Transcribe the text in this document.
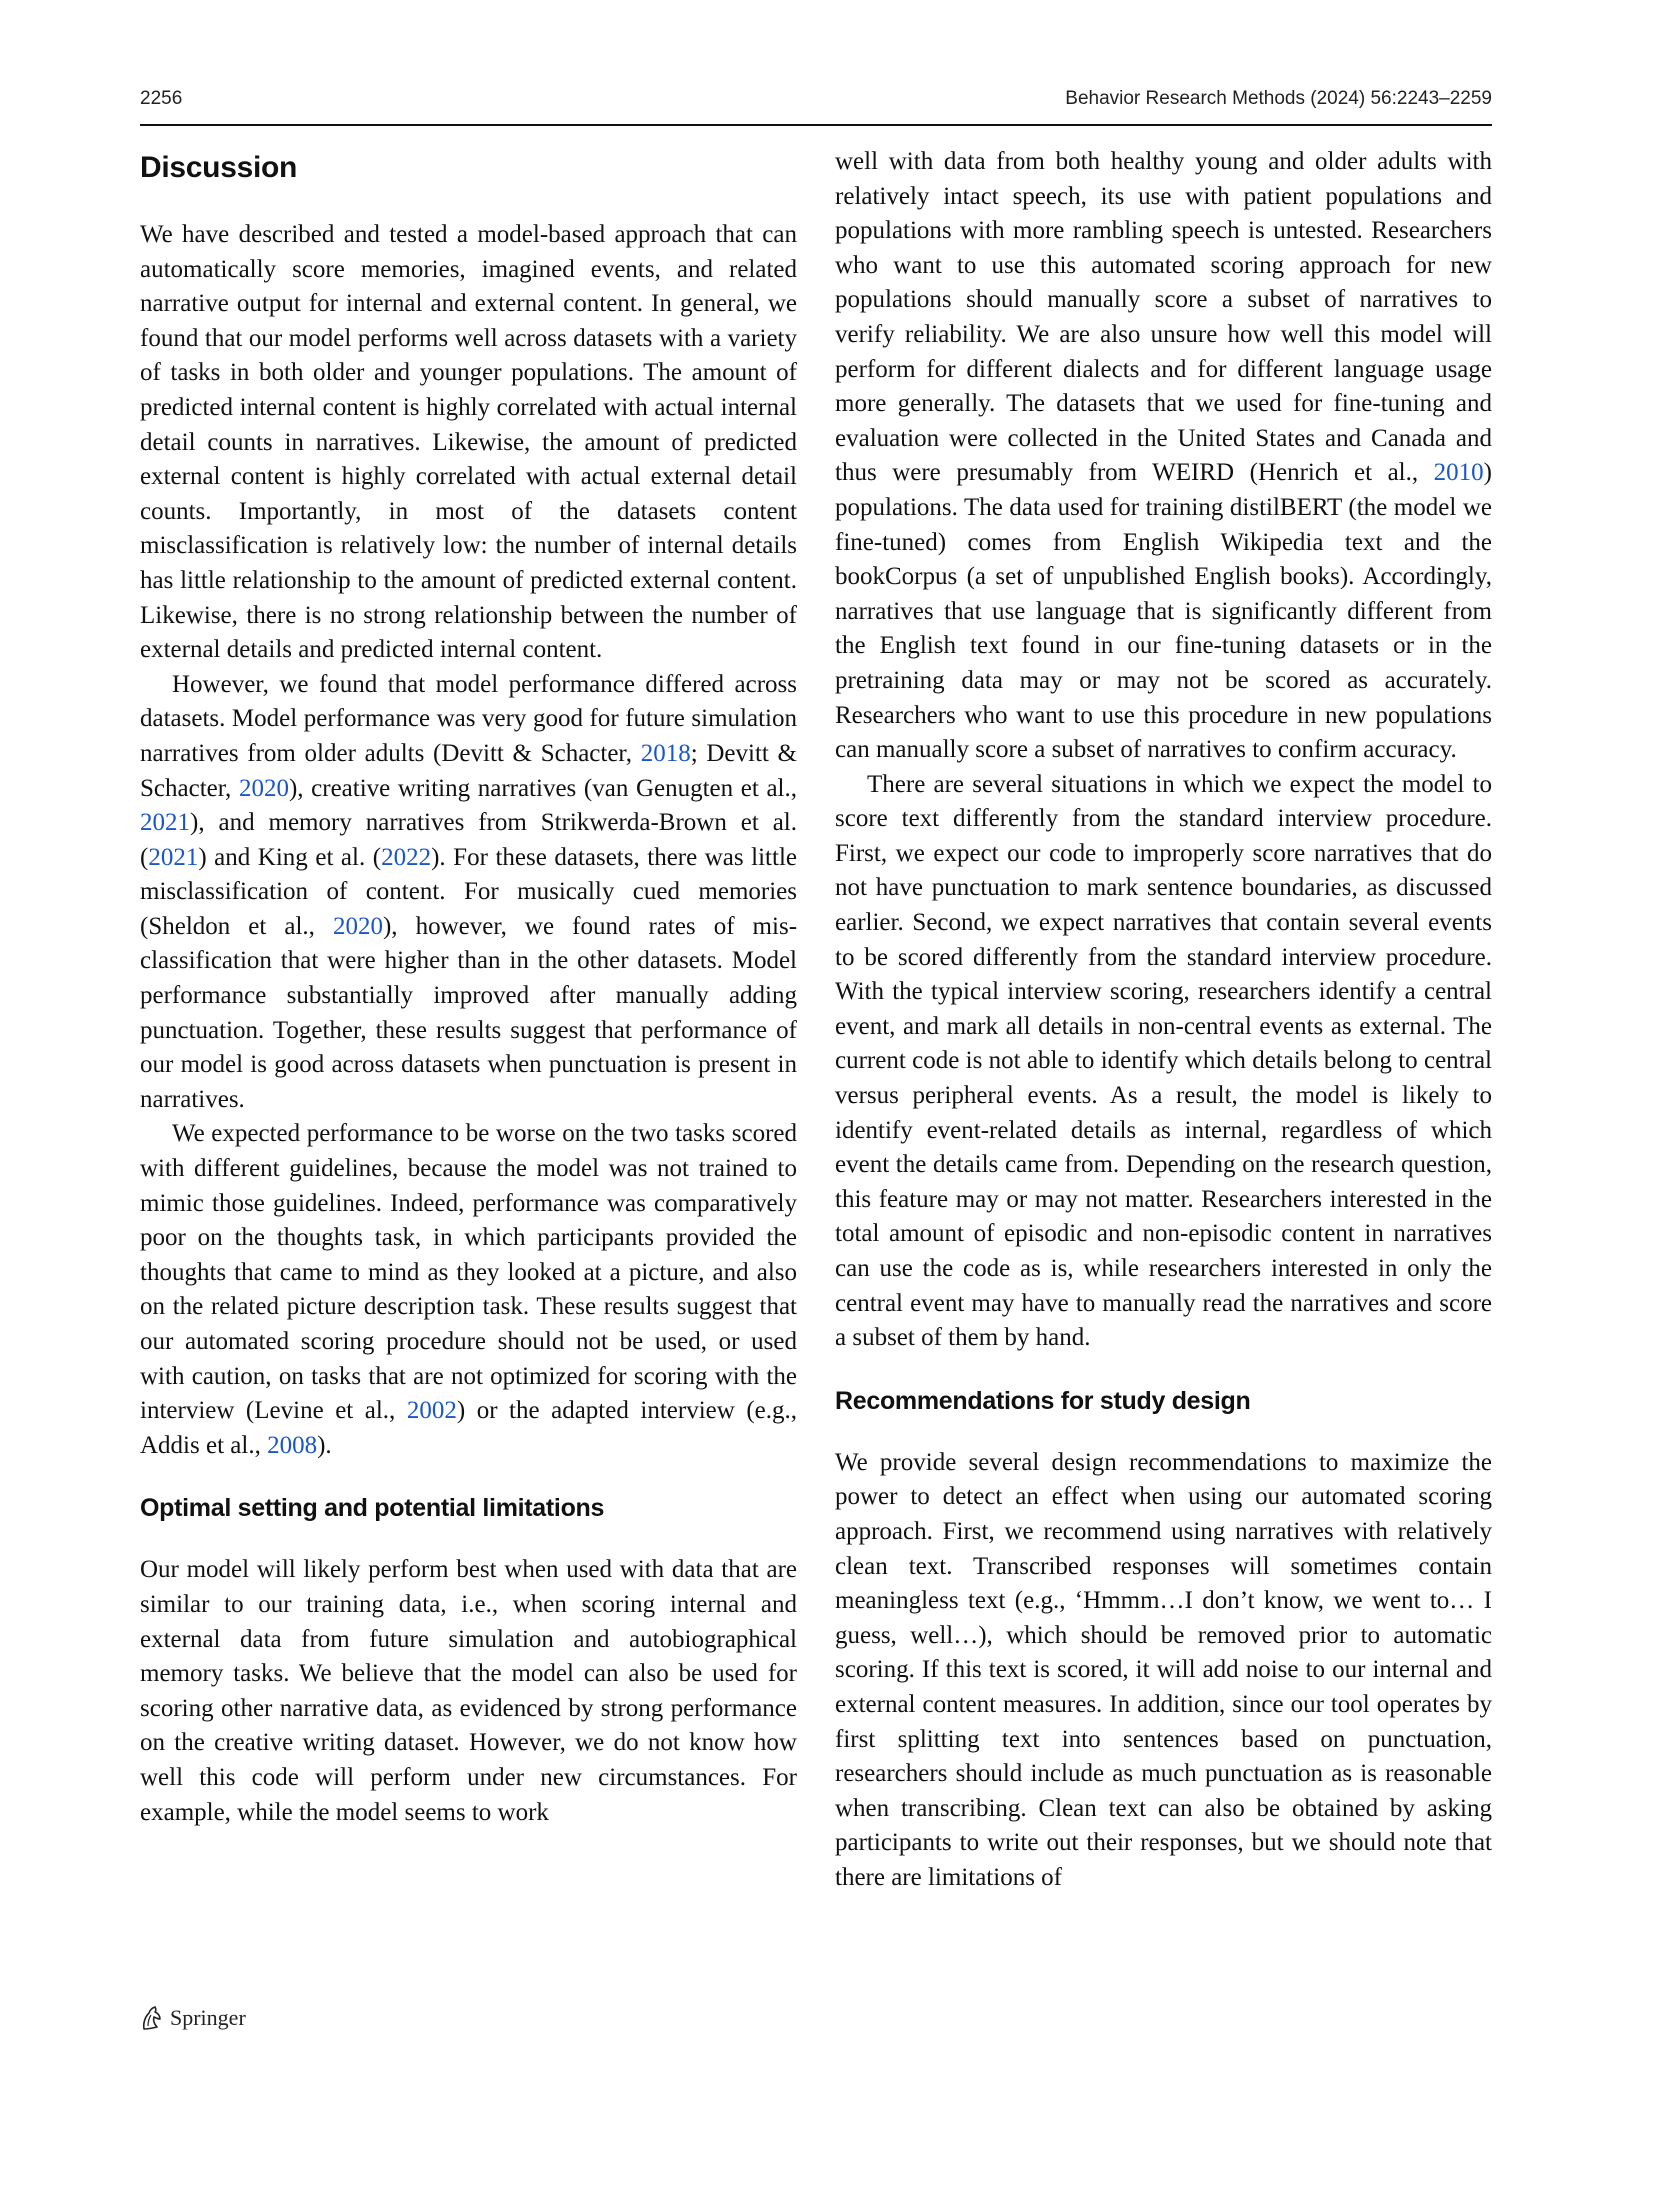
2256	Behavior Research Methods (2024) 56:2243–2259
Discussion

We have described and tested a model-based approach that can automatically score memories, imagined events, and related narrative output for internal and external content. In general, we found that our model performs well across datasets with a variety of tasks in both older and younger populations. The amount of predicted internal content is highly correlated with actual internal detail counts in narratives. Likewise, the amount of predicted external content is highly correlated with actual external detail counts. Importantly, in most of the datasets content misclassification is relatively low: the number of internal details has little relationship to the amount of predicted external content. Likewise, there is no strong relationship between the number of external details and predicted internal content.

However, we found that model performance differed across datasets. Model performance was very good for future simulation narratives from older adults (Devitt & Schacter, 2018; Devitt & Schacter, 2020), creative writing narratives (van Genugten et al., 2021), and memory narratives from Strikwerda-Brown et al. (2021) and King et al. (2022). For these datasets, there was little misclassification of content. For musically cued memories (Sheldon et al., 2020), however, we found rates of misclassification that were higher than in the other datasets. Model performance substantially improved after manually adding punctuation. Together, these results suggest that performance of our model is good across datasets when punctuation is present in narratives.

We expected performance to be worse on the two tasks scored with different guidelines, because the model was not trained to mimic those guidelines. Indeed, performance was comparatively poor on the thoughts task, in which participants provided the thoughts that came to mind as they looked at a picture, and also on the related picture description task. These results suggest that our automated scoring procedure should not be used, or used with caution, on tasks that are not optimized for scoring with the interview (Levine et al., 2002) or the adapted interview (e.g., Addis et al., 2008).

Optimal setting and potential limitations

Our model will likely perform best when used with data that are similar to our training data, i.e., when scoring internal and external data from future simulation and autobiographical memory tasks. We believe that the model can also be used for scoring other narrative data, as evidenced by strong performance on the creative writing dataset. However, we do not know how well this code will perform under new circumstances. For example, while the model seems to work

well with data from both healthy young and older adults with relatively intact speech, its use with patient populations and populations with more rambling speech is untested. Researchers who want to use this automated scoring approach for new populations should manually score a subset of narratives to verify reliability. We are also unsure how well this model will perform for different dialects and for different language usage more generally. The datasets that we used for fine-tuning and evaluation were collected in the United States and Canada and thus were presumably from WEIRD (Henrich et al., 2010) populations. The data used for training distilBERT (the model we fine-tuned) comes from English Wikipedia text and the bookCorpus (a set of unpublished English books). Accordingly, narratives that use language that is significantly different from the English text found in our fine-tuning datasets or in the pretraining data may or may not be scored as accurately. Researchers who want to use this procedure in new populations can manually score a subset of narratives to confirm accuracy.

There are several situations in which we expect the model to score text differently from the standard interview procedure. First, we expect our code to improperly score narratives that do not have punctuation to mark sentence boundaries, as discussed earlier. Second, we expect narratives that contain several events to be scored differently from the standard interview procedure. With the typical interview scoring, researchers identify a central event, and mark all details in non-central events as external. The current code is not able to identify which details belong to central versus peripheral events. As a result, the model is likely to identify event-related details as internal, regardless of which event the details came from. Depending on the research question, this feature may or may not matter. Researchers interested in the total amount of episodic and non-episodic content in narratives can use the code as is, while researchers interested in only the central event may have to manually read the narratives and score a subset of them by hand.

Recommendations for study design

We provide several design recommendations to maximize the power to detect an effect when using our automated scoring approach. First, we recommend using narratives with relatively clean text. Transcribed responses will sometimes contain meaningless text (e.g., ‘Hmmm…I don’t know, we went to… I guess, well…), which should be removed prior to automatic scoring. If this text is scored, it will add noise to our internal and external content measures. In addition, since our tool operates by first splitting text into sentences based on punctuation, researchers should include as much punctuation as is reasonable when transcribing. Clean text can also be obtained by asking participants to write out their responses, but we should note that there are limitations of

Springer
